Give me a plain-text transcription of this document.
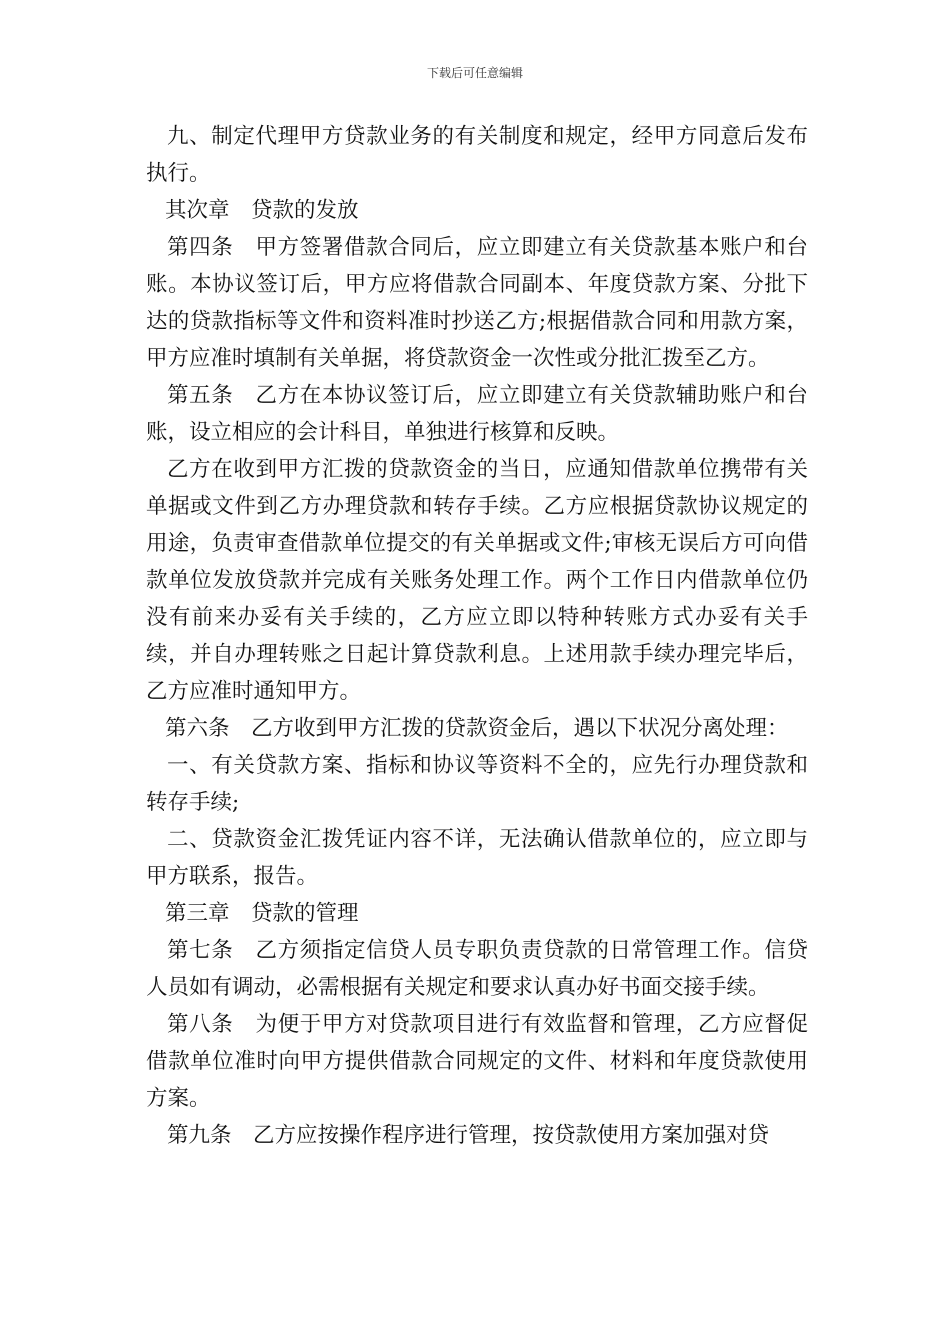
下载后可任意编辑

九、制定代理甲方贷款业务的有关制度和规定，经甲方同意后发布执行。

其次章　贷款的发放

第四条　甲方签署借款合同后，应立即建立有关贷款基本账户和台账。本协议签订后，甲方应将借款合同副本、年度贷款方案、分批下达的贷款指标等文件和资料准时抄送乙方;根据借款合同和用款方案，甲方应准时填制有关单据，将贷款资金一次性或分批汇拨至乙方。

第五条　乙方在本协议签订后，应立即建立有关贷款辅助账户和台账，设立相应的会计科目，单独进行核算和反映。

乙方在收到甲方汇拨的贷款资金的当日，应通知借款单位携带有关单据或文件到乙方办理贷款和转存手续。乙方应根据贷款协议规定的用途，负责审查借款单位提交的有关单据或文件;审核无误后方可向借款单位发放贷款并完成有关账务处理工作。两个工作日内借款单位仍没有前来办妥有关手续的，乙方应立即以特种转账方式办妥有关手续，并自办理转账之日起计算贷款利息。上述用款手续办理完毕后，乙方应准时通知甲方。

第六条　乙方收到甲方汇拨的贷款资金后，遇以下状况分离处理：

一、有关贷款方案、指标和协议等资料不全的，应先行办理贷款和转存手续;

二、贷款资金汇拨凭证内容不详，无法确认借款单位的，应立即与甲方联系，报告。

第三章　贷款的管理

第七条　乙方须指定信贷人员专职负责贷款的日常管理工作。信贷人员如有调动，必需根据有关规定和要求认真办好书面交接手续。

第八条　为便于甲方对贷款项目进行有效监督和管理，乙方应督促借款单位准时向甲方提供借款合同规定的文件、材料和年度贷款使用方案。

第九条　乙方应按操作程序进行管理，按贷款使用方案加强对贷
